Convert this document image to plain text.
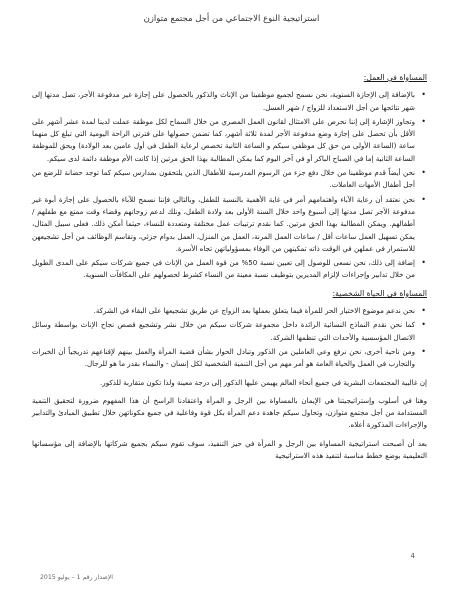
استراتيجية النوع الاجتماعي من أجل مجتمع متوازن
المساواة في العمل:
• بالإضافة إلى الإجازة السنوية، نحن نسمح لجميع موظفينا من الإناث والذكور بالحصول على إجازة غير مدفوعة الأجر، تصل مدتها إلى شهر نتائجها من أجل الاستعداد للزواج / شهر العسل.
• وتجاوز الإشارة إلى إننا نحرص على الامتثال لقانون العمل المصري من خلال السماح لكل موظفة عملت لدينا لمدة عشر أشهر على الأقل بأن تحصل على إجازة وضع مدفوعة الأجر لمدة ثلاثة أشهر، كما تضمن حصولها على فترتي الراحة اليومية التي تبلغ كل منهما ساعة (الساعة الأولى من حق كل موظفي سيكم و الساعة الثانية تخصص لرعاية الطفل في أول عامين بعد الولادة) ويحق للموظفة الساعة الثانية إما في الصباح الباكر أو في آخر اليوم كما يمكن المطالبة بهذا الحق مرتين إذا كانت الأم موظفة دائمة لدى سيكم.
• نحن أيضاً قدم موظفينا من خلال دفع جزء من الرسوم المدرسية للأطفال الذين يلتحقون بمدارس سيكم كما توجد حضانة للرضع من أجل أطفال الأمهات العاملات.
• نحن نعتقد أن رعاية الآباء واهتمامهم أمر في غاية الأهمية بالنسبة للطفل، وبالتالي فإننا نسمح للآباء بالحصول على إجازة أبوة غير مدفوعة الأجر تصل مدتها إلى أسبوع واحد خلال السنة الأولى بعد ولادة الطفل، ونلك لدعم زوجاتهم وقضاء وقت ممتع مع طفلهم / أطفالهم. ويمكن المطالبة بهذا الحق مرتين. كما نقدم ترتيبات عمل مختلفة ومتعددة للنساء، حيثما أمكن ذلك. فعلى سبيل المثال، يمكن تسهيل العمل ساعات أقل / ساعات العمل المرنة، العمل من المنزل، العمل بدوام جزئي، وتقاسم الوظائف من أجل تشجيعهن للاستمرار في عملهن في الوقت ذاته تمكينهن من الوفاء بمسؤولياتهن تجاه الأسرة.
• إضافة إلى ذلك، نحن نسعى للوصول إلى تعيين نسبة 50% من قوة العمل من الإناث في جميع شركات سيكم على المدى الطويل من خلال تدابير وإجراءات لإلزام المديرين بتوظيف نسبة معينة من النساء كشرط لحصولهم على المكافآت السنوية.
المساواة في الحياة الشخصية:
• نحن ندعم موضوع الاختيار الحر للمرأة فيما يتعلق بعملها بعد الزواج عن طريق تشجيعها على البقاء في الشركة.
• كما نحن نقدم النماذج النسائية الرائدة داخل مجموعة شركات سيكم من خلال نشر وتشجيع قصص نجاح الإناث بواسطة وسائل الاتصال المؤسسية والأحداث التي تنظمها الشركة.
• ومن ناحية أخرى، نحن نرفع وعي العاملين من الذكور وتبادل الحوار بشأن قضية المرأة والعمل بينهم لإقناعهم تدريجياً أن الخبرات والتجارب في العمل والحياة العامة هو أمر مهم من أجل التنمية الشخصية لكل إنسان - والنساء بقدر ما هو للرجال.

إن غالبية المجتمعات البشرية في جميع أنحاء العالم يهيمن عليها الذكور إلى درجة معينة ولذا تكون متقاربة للذكور.

وهنا في أسلوب وإستراتيجيتنا هي الإيمان بالمساواة بين الرجل و المرأة واعتقادنا الراسخ أن هذا المفهوم ضرورة لتحقيق التنمية المستدامة من أجل مجتمع متوازن، وتحاول سيكم جاهدة دعم المرأة بكل قوة وفاعلية في جميع مكوناتهن خلال تطبيق المبادئ والتدابير والإجراءات المذكورة أعلاه.

بعد أن أصبحت استراتيجية المساواة بين الرجل و المرأة في حيز التنفيذ، سوف تقوم سيكم بجميع شركاتها بالإضافة إلى مؤسساتها التعليمية بوضع خطط مناسبة لتنفيذ هذه الاستراتيجية

4
الإصدار رقم 1 – يوليو 2015
